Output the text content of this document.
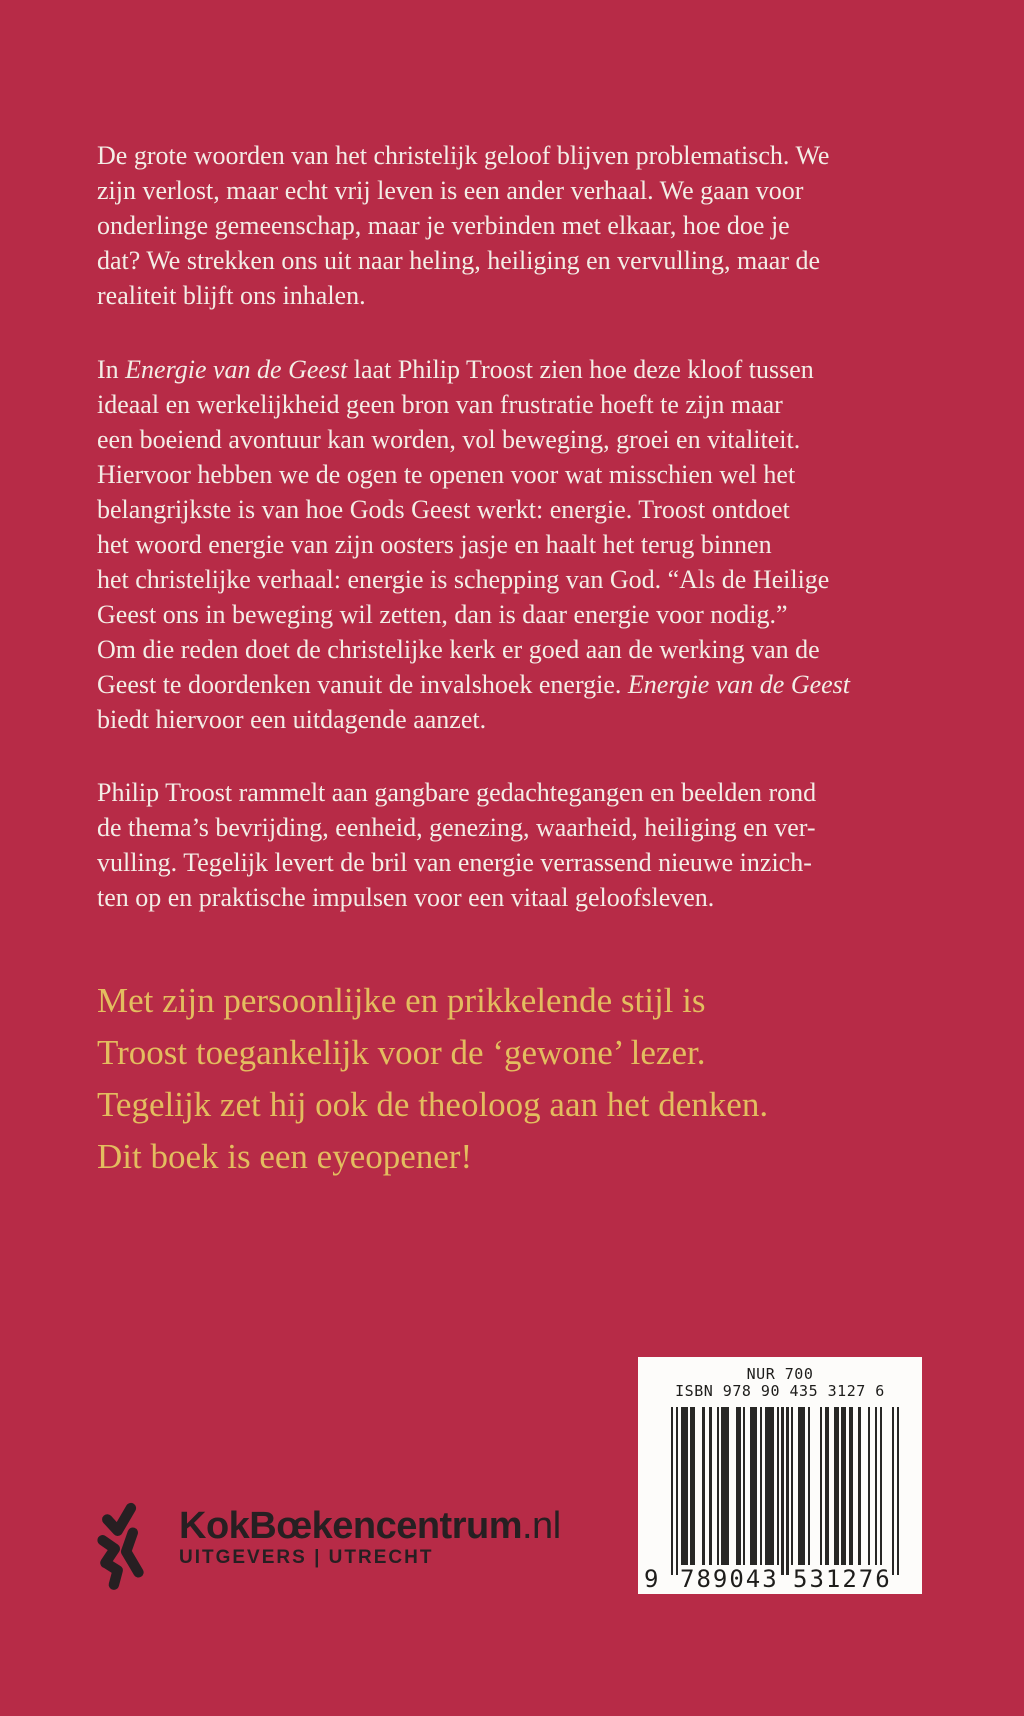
De grote woorden van het christelijk geloof blijven problematisch. We
zijn verlost, maar echt vrij leven is een ander verhaal. We gaan voor
onderlinge gemeenschap, maar je verbinden met elkaar, hoe doe je
dat? We strekken ons uit naar heling, heiliging en vervulling, maar de
realiteit blijft ons inhalen.
In Energie van de Geest laat Philip Troost zien hoe deze kloof tussen
ideaal en werkelijkheid geen bron van frustratie hoeft te zijn maar
een boeiend avontuur kan worden, vol beweging, groei en vitaliteit.
Hiervoor hebben we de ogen te openen voor wat misschien wel het
belangrijkste is van hoe Gods Geest werkt: energie. Troost ontdoet
het woord energie van zijn oosters jasje en haalt het terug binnen
het christelijke verhaal: energie is schepping van God. “Als de Heilige
Geest ons in beweging wil zetten, dan is daar energie voor nodig.”
Om die reden doet de christelijke kerk er goed aan de werking van de
Geest te doordenken vanuit de invalshoek energie. Energie van de Geest
biedt hiervoor een uitdagende aanzet.
Philip Troost rammelt aan gangbare gedachtegangen en beelden rond
de thema’s bevrijding, eenheid, genezing, waarheid, heiliging en ver-
vulling. Tegelijk levert de bril van energie verrassend nieuwe inzich-
ten op en praktische impulsen voor een vitaal geloofsleven.
Met zijn persoonlijke en prikkelende stijl is
Troost toegankelijk voor de ‘gewone’ lezer.
Tegelijk zet hij ook de theoloog aan het denken.
Dit boek is een eyeopener!
NUR 700
ISBN 978 90 435 3127 6
9 789043 531276
KokBœkencentrum.nl
UITGEVERS | UTRECHT
